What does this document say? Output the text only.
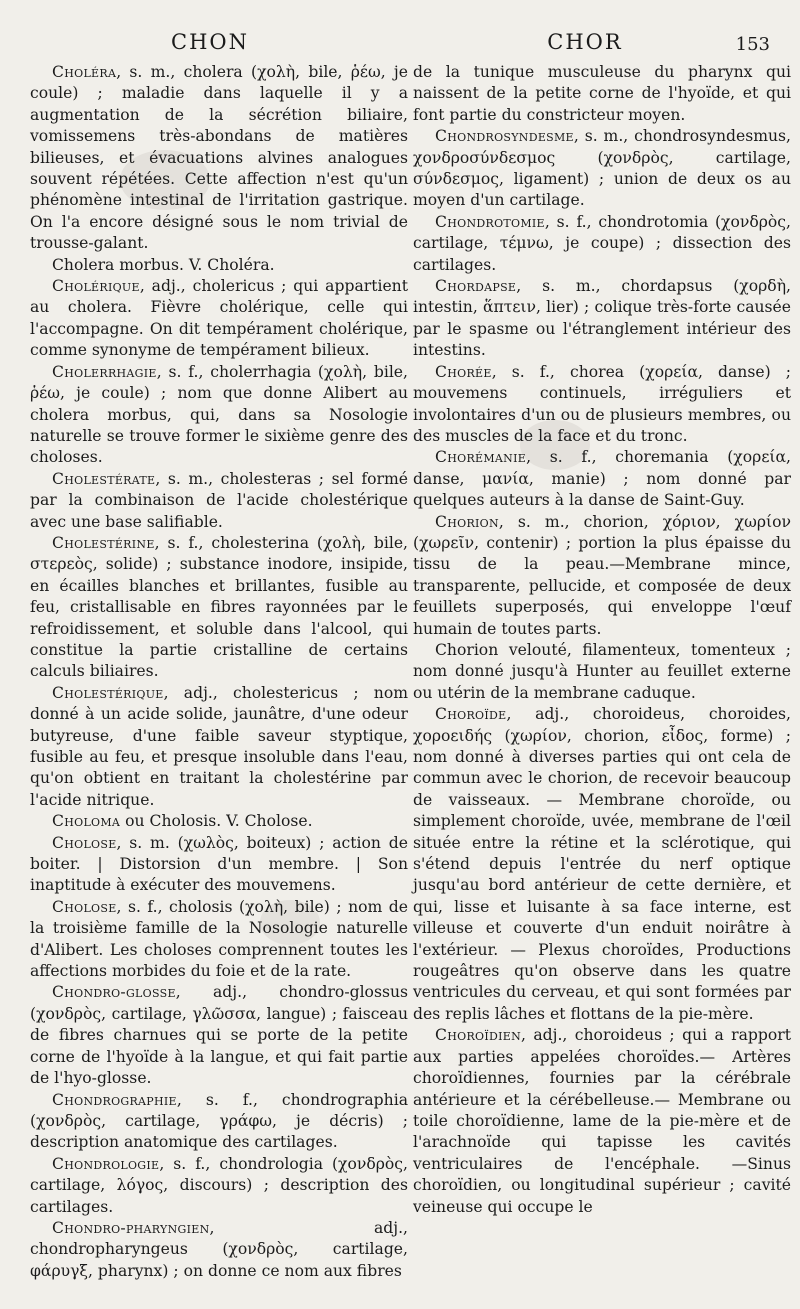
CHON	CHOR	153

Choléra, s. m., cholera (χολὴ, bile, ῥέω, je coule) ; maladie dans laquelle il y a augmentation de la sécrétion biliaire, vomissemens très-abondans de matières bilieuses, et évacuations alvines analogues souvent répétées. Cette affection n'est qu'un phénomène intestinal de l'irritation gastrique. On l'a encore désigné sous le nom trivial de trousse-galant.

Cholera morbus. V. Choléra.

Cholérique, adj., cholericus ; qui appartient au cholera. Fièvre cholérique, celle qui l'accompagne. On dit tempérament cholérique, comme synonyme de tempérament bilieux.

Cholerrhagie, s. f., cholerrhagia (χολὴ, bile, ῥέω, je coule) ; nom que donne Alibert au cholera morbus, qui, dans sa Nosologie naturelle se trouve former le sixième genre des choloses.

Cholestérate, s. m., cholesteras ; sel formé par la combinaison de l'acide cholestérique avec une base salifiable.

Cholestérine, s. f., cholesterina (χολὴ, bile, στερεὸς, solide) ; substance inodore, insipide, en écailles blanches et brillantes, fusible au feu, cristallisable en fibres rayonnées par le refroidissement, et soluble dans l'alcool, qui constitue la partie cristalline de certains calculs biliaires.

Cholestérique, adj., cholestericus ; nom donné à un acide solide, jaunâtre, d'une odeur butyreuse, d'une faible saveur styptique, fusible au feu, et presque insoluble dans l'eau, qu'on obtient en traitant la cholestérine par l'acide nitrique.

Choloma ou Cholosis. V. Cholose.

Cholose, s. m. (χωλὸς, boiteux) ; action de boiter. | Distorsion d'un membre. | Son inaptitude à exécuter des mouvemens.

Cholose, s. f., cholosis (χολὴ, bile) ; nom de la troisième famille de la Nosologie naturelle d'Alibert. Les choloses comprennent toutes les affections morbides du foie et de la rate.

Chondro-glosse, adj., chondro-glossus (χονδρὸς, cartilage, γλῶσσα, langue) ; faisceau de fibres charnues qui se porte de la petite corne de l'hyoïde à la langue, et qui fait partie de l'hyo-glosse.

Chondrographie, s. f., chondrographia (χονδρὸς, cartilage, γράφω, je décris) ; description anatomique des cartilages.

Chondrologie, s. f., chondrologia (χονδρὸς, cartilage, λόγος, discours) ; description des cartilages.

Chondro-pharyngien, adj., chondropharyngeus (χονδρὸς, cartilage, φάρυγξ, pharynx) ; on donne ce nom aux fibres

de la tunique musculeuse du pharynx qui naissent de la petite corne de l'hyoïde, et qui font partie du constricteur moyen.

Chondrosyndesme, s. m., chondrosyndesmus, χονδροσύνδεσμος (χονδρὸς, cartilage, σύνδεσμος, ligament) ; union de deux os au moyen d'un cartilage.

Chondrotomie, s. f., chondrotomia (χονδρὸς, cartilage, τέμνω, je coupe) ; dissection des cartilages.

Chordapse, s. m., chordapsus (χορδὴ, intestin, ἅπτειν, lier) ; colique très-forte causée par le spasme ou l'étranglement intérieur des intestins.

Chorée, s. f., chorea (χορεία, danse) ; mouvemens continuels, irréguliers et involontaires d'un ou de plusieurs membres, ou des muscles de la face et du tronc.

Chorémanie, s. f., choremania (χορεία, danse, μανία, manie) ; nom donné par quelques auteurs à la danse de Saint-Guy.

Chorion, s. m., chorion, χόριον, χωρίον (χωρεῖν, contenir) ; portion la plus épaisse du tissu de la peau.—Membrane mince, transparente, pellucide, et composée de deux feuillets superposés, qui enveloppe l'œuf humain de toutes parts.

Chorion velouté, filamenteux, tomenteux ; nom donné jusqu'à Hunter au feuillet externe ou utérin de la membrane caduque.

Choroïde, adj., choroideus, choroides, χοροειδής (χωρίον, chorion, εἶδος, forme) ; nom donné à diverses parties qui ont cela de commun avec le chorion, de recevoir beaucoup de vaisseaux. — Membrane choroïde, ou simplement choroïde, uvée, membrane de l'œil située entre la rétine et la sclérotique, qui s'étend depuis l'entrée du nerf optique jusqu'au bord antérieur de cette dernière, et qui, lisse et luisante à sa face interne, est villeuse et couverte d'un enduit noirâtre à l'extérieur. — Plexus choroïdes, Productions rougeâtres qu'on observe dans les quatre ventricules du cerveau, et qui sont formées par des replis lâches et flottans de la pie-mère.

Choroïdien, adj., choroideus ; qui a rapport aux parties appelées choroïdes.— Artères choroïdiennes, fournies par la cérébrale antérieure et la cérébelleuse.— Membrane ou toile choroïdienne, lame de la pie-mère et de l'arachnoïde qui tapisse les cavités ventriculaires de l'encéphale. —Sinus choroïdien, ou longitudinal supérieur ; cavité veineuse qui occupe le
